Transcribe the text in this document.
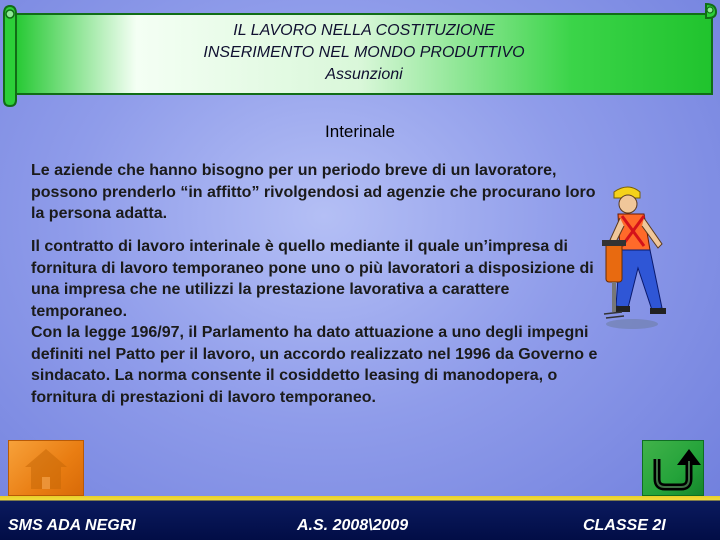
IL LAVORO NELLA COSTITUZIONE
INSERIMENTO NEL MONDO PRODUTTIVO
Assunzioni
Interinale
Le aziende che hanno bisogno per un periodo breve di un lavoratore, possono prenderlo “in affitto” rivolgendosi ad agenzie che procurano loro la persona adatta.
Il contratto di lavoro interinale è quello mediante il quale un’impresa di fornitura di lavoro temporaneo pone uno o più lavoratori a disposizione di una impresa che ne utilizzi la prestazione lavorativa a carattere temporaneo.
Con la legge 196/97, il Parlamento ha dato attuazione a uno degli impegni definiti nel Patto per il lavoro, un accordo realizzato nel 1996 da Governo e sindacato. La norma consente il cosiddetto leasing di manodopera, o fornitura di prestazioni di lavoro temporaneo.
SMS ADA NEGRI	A.S. 2008\2009	CLASSE 2I
